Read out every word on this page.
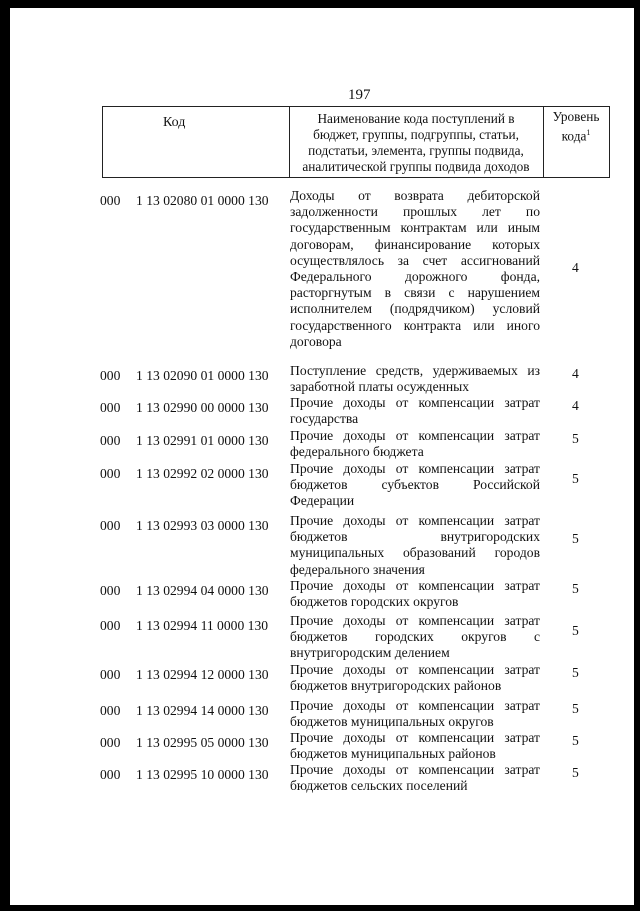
197
Код	Наименование кода поступлений в
бюджет, группы, подгруппы, статьи,
подстатьи, элемента, группы подвида,
аналитической группы подвида доходов
Уровень
кода$^1$
000 1 13 02080 01 0000 130 Доходы от возврата дебиторской задолженности прошлых лет по государственным контрактам или иным договорам, финансирование которых осуществлялось за счет ассигнований Федерального дорожного фонда, расторгнутым в связи с нарушением исполнителем (подрядчиком) условий государственного контракта или иного договора
4
000 1 13 02090 01 0000 130 Поступление средств, удерживаемых из заработной платы осужденных
4
000 1 13 02990 00 0000 130 Прочие доходы от компенсации затрат государства
4
000 1 13 02991 01 0000 130 Прочие доходы от компенсации затрат федерального бюджета
5
000 1 13 02992 02 0000 130 Прочие доходы от компенсации затрат бюджетов субъектов Российской Федерации
5
000 1 13 02993 03 0000 130 Прочие доходы от компенсации затрат бюджетов внутригородских муниципальных образований городов федерального значения
5
000 1 13 02994 04 0000 130 Прочие доходы от компенсации затрат бюджетов городских округов
5
000 1 13 02994 11 0000 130 Прочие доходы от компенсации затрат бюджетов городских округов с внутригородским делением
5
000 1 13 02994 12 0000 130 Прочие доходы от компенсации затрат бюджетов внутригородских районов
5
000 1 13 02994 14 0000 130 Прочие доходы от компенсации затрат бюджетов муниципальных округов
5
000 1 13 02995 05 0000 130 Прочие доходы от компенсации затрат бюджетов муниципальных районов
5
000 1 13 02995 10 0000 130 Прочие доходы от компенсации затрат бюджетов сельских поселений
5
